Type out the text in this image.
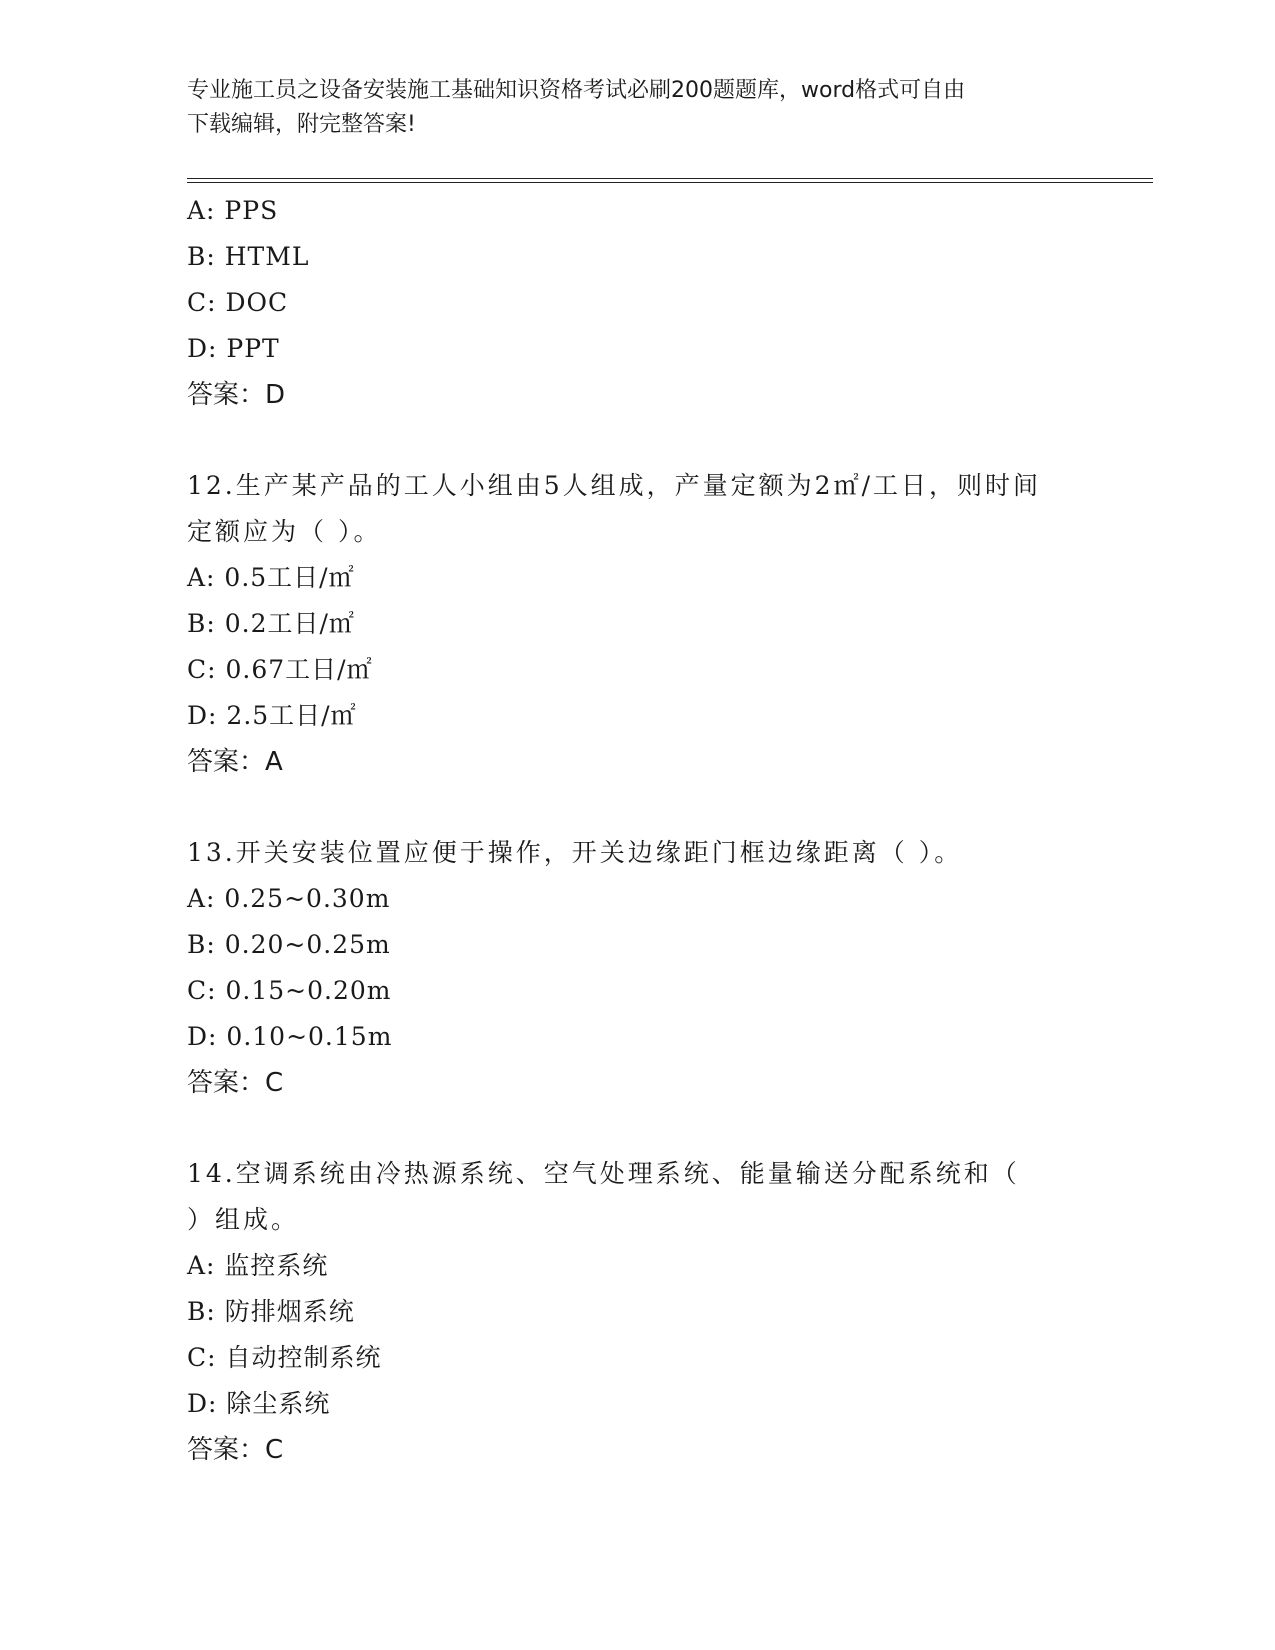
专业施工员之设备安装施工基础知识资格考试必刷200题题库，word格式可自由
下载编辑，附完整答案!
A: PPS
B: HTML
C: DOC
D: PPT
答案：D
12.生产某产品的工人小组由5人组成，产量定额为2㎡/工日，则时间
定额应为（ ）。
A: 0.5工日/㎡
B: 0.2工日/㎡
C: 0.67工日/㎡
D: 2.5工日/㎡
答案：A
13.开关安装位置应便于操作，开关边缘距门框边缘距离（ ）。
A: 0.25~0.30m
B: 0.20~0.25m
C: 0.15~0.20m
D: 0.10~0.15m
答案：C
14.空调系统由冷热源系统、空气处理系统、能量输送分配系统和（
）组成。
A: 监控系统
B: 防排烟系统
C: 自动控制系统
D: 除尘系统
答案：C
